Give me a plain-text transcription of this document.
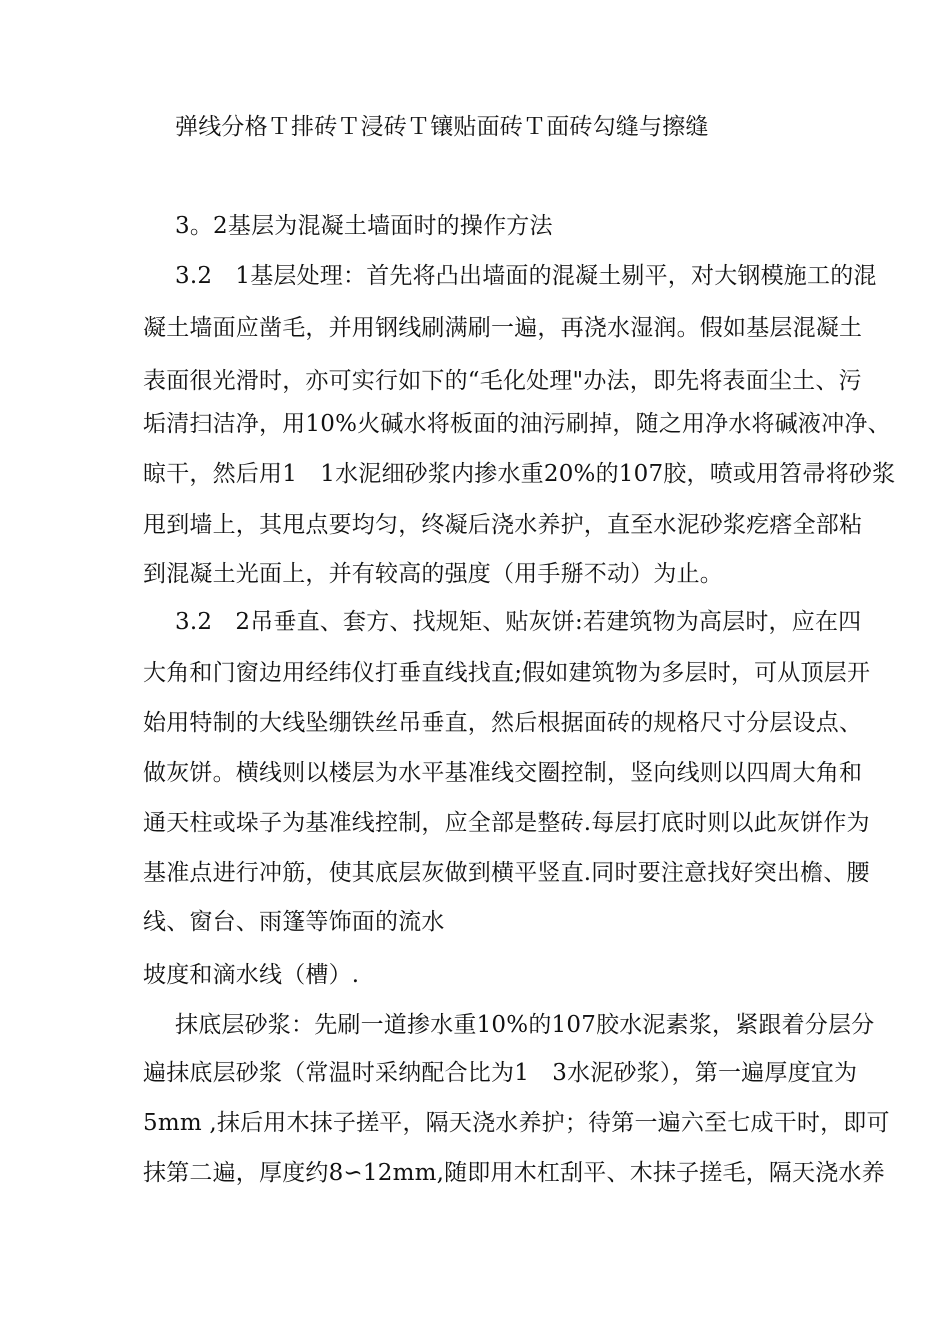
弹线分格Ｔ排砖Ｔ浸砖Ｔ镶贴面砖Ｔ面砖勾缝与擦缝
3。2基层为混凝土墙面时的操作方法
3.2　1基层处理：首先将凸出墙面的混凝土剔平，对大钢模施工的混
凝土墙面应凿毛，并用钢线刷满刷一遍，再浇水湿润。假如基层混凝土
表面很光滑时，亦可实行如下的“毛化处理"办法，即先将表面尘土、污
垢清扫洁净，用10%火碱水将板面的油污刷掉，随之用净水将碱液冲净、
晾干，然后用1　1水泥细砂浆内掺水重20%的107胶，喷或用笤帚将砂浆
甩到墙上，其甩点要均匀，终凝后浇水养护，直至水泥砂浆疙瘩全部粘
到混凝土光面上，并有较高的强度（用手掰不动）为止。
3.2　2吊垂直、套方、找规矩、贴灰饼:若建筑物为高层时，应在四
大角和门窗边用经纬仪打垂直线找直;假如建筑物为多层时，可从顶层开
始用特制的大线坠绷铁丝吊垂直，然后根据面砖的规格尺寸分层设点、
做灰饼。横线则以楼层为水平基准线交圈控制，竖向线则以四周大角和
通天柱或垛子为基准线控制，应全部是整砖.每层打底时则以此灰饼作为
基准点进行冲筋，使其底层灰做到横平竖直.同时要注意找好突出檐、腰
线、窗台、雨篷等饰面的流水
坡度和滴水线（槽）.
抹底层砂浆：先刷一道掺水重10%的107胶水泥素浆，紧跟着分层分
遍抹底层砂浆（常温时采纳配合比为1　3水泥砂浆），第一遍厚度宜为
5mm ,抹后用木抹子搓平，隔天浇水养护；待第一遍六至七成干时，即可
抹第二遍，厚度约8∽12mm,随即用木杠刮平、木抹子搓毛，隔天浇水养
